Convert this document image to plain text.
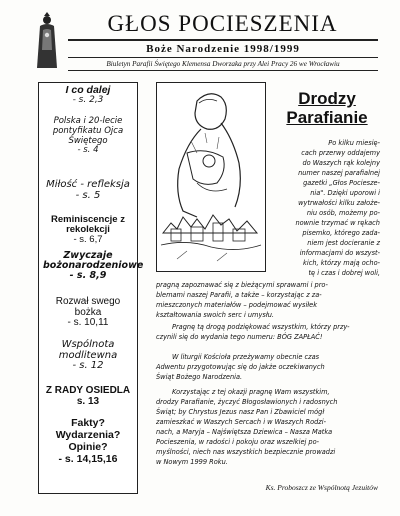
GŁOS POCIESZENIA
Boże Narodzenie 1998/1999
Biuletyn Parafii Świętego Klemensa Dworzaka przy Alei Pracy 26 we Wrocławiu
I co dalej
- s. 2,3
Polska i 20-lecie pontyfikatu Ojca Świętego
- s. 4
Miłość - refleksja
- s. 5
Reminiscencje z rekolekcji
- s. 6,7
Zwyczaje bożonarodzeniowe
- s. 8,9
Rozwał swego bożka
- s. 10,11
Wspólnota modlitewna
- s. 12
Z RADY OSIEDLA
s. 13
Fakty? Wydarzenia? Opinie?
- s. 14,15,16
Drodzy
Parafianie
Po kilku miesię-
cach przerwy oddajemy
do Waszych rąk kolejny
numer naszej parafialnej
gazetki „Głos Pociesze-
nia". Dzięki uporowi i
wytrwałości kilku założe-
niu osób, możemy po-
nownie trzymać w rękach
pisemko, którego zada-
niem jest docieranie z
informacjami do wszyst-
kich, którzy mają ocho-
tę i czas i dobrej woli,
pragną zapoznawać się z bieżącymi sprawami i pro-
blemami naszej Parafii, a także – korzystając z za-
mieszczonych materiałów – podejmować wysiłek
kształtowania swoich serc i umysłu.
Pragnę tą drogą podziękować wszystkim, którzy przy-
czynili się do wydania tego numeru: BÓG ZAPŁAĆ!
W liturgii Kościoła przeżywamy obecnie czas
Adwentu przygotowując się do jakże oczekiwanych
Świąt Bożego Narodzenia.
Korzystając z tej okazji pragnę Wam wszystkim,
drodzy Parafianie, życzyć Błogosławionych i radosnych
Świąt; by Chrystus Jezus nasz Pan i Zbawiciel mógł
zamieszkać w Waszych Sercach i w Waszych Rodzi-
nach, a Maryja – Najświętsza Dziewica – Nasza Matka
Pocieszenia, w radości i pokoju oraz wszelkiej po-
myślności, niech nas wszystkich bezpiecznie prowadzi
w Nowym 1999 Roku.
Ks. Proboszcz ze Wspólnotą Jezuitów
